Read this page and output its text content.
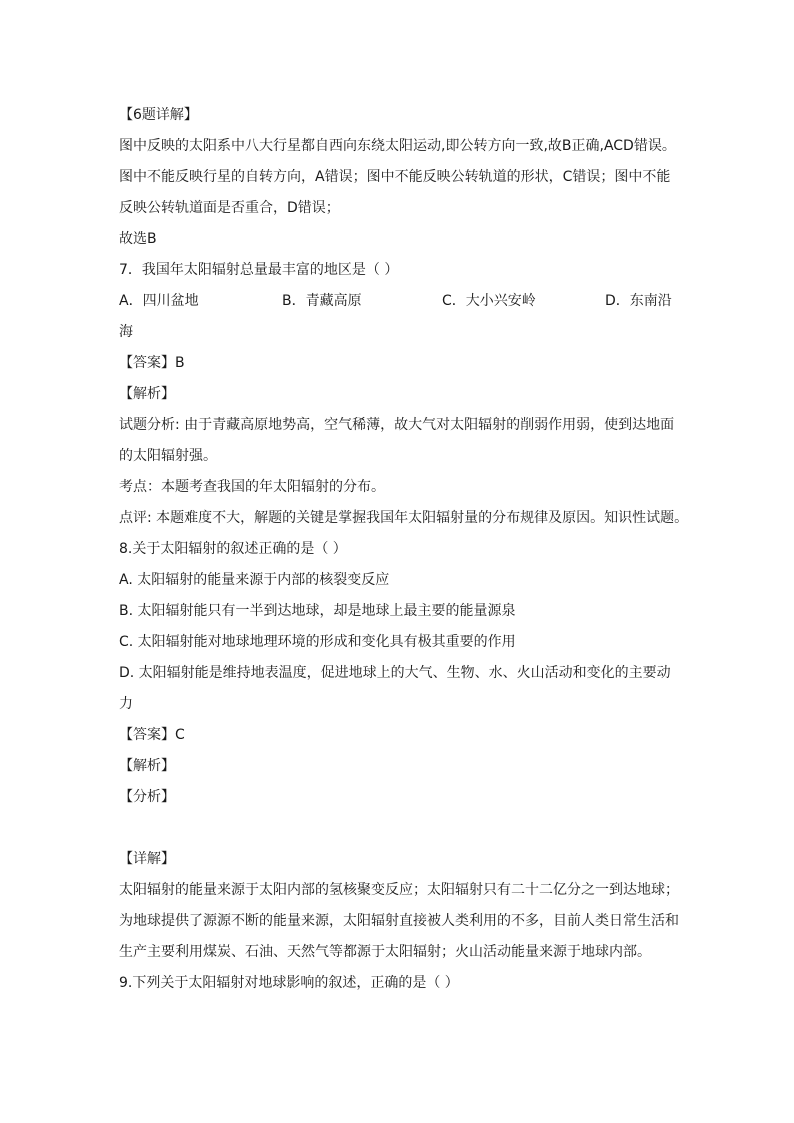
【6题详解】
图中反映的太阳系中八大行星都自西向东绕太阳运动,即公转方向一致,故B正确,ACD错误。
图中不能反映行星的自转方向，A错误；图中不能反映公转轨道的形状，C错误；图中不能
反映公转轨道面是否重合，D错误；
故选B
7．我国年太阳辐射总量最丰富的地区是（ ）
A．四川盆地	B．青藏高原	C．大小兴安岭	D．东南沿
海
【答案】B
【解析】
试题分析: 由于青藏高原地势高，空气稀薄，故大气对太阳辐射的削弱作用弱，使到达地面
的太阳辐射强。
考点：本题考查我国的年太阳辐射的分布。
点评: 本题难度不大，解题的关键是掌握我国年太阳辐射量的分布规律及原因。知识性试题。
8.关于太阳辐射的叙述正确的是（ ）
A. 太阳辐射的能量来源于内部的核裂变反应
B. 太阳辐射能只有一半到达地球，却是地球上最主要的能量源泉
C. 太阳辐射能对地球地理环境的形成和变化具有极其重要的作用
D. 太阳辐射能是维持地表温度，促进地球上的大气、生物、水、火山活动和变化的主要动
力
【答案】C
【解析】
【分析】
【详解】
太阳辐射的能量来源于太阳内部的氢核聚变反应；太阳辐射只有二十二亿分之一到达地球；
为地球提供了源源不断的能量来源，太阳辐射直接被人类利用的不多，目前人类日常生活和
生产主要利用煤炭、石油、天然气等都源于太阳辐射；火山活动能量来源于地球内部。
9.下列关于太阳辐射对地球影响的叙述，正确的是（ ）
